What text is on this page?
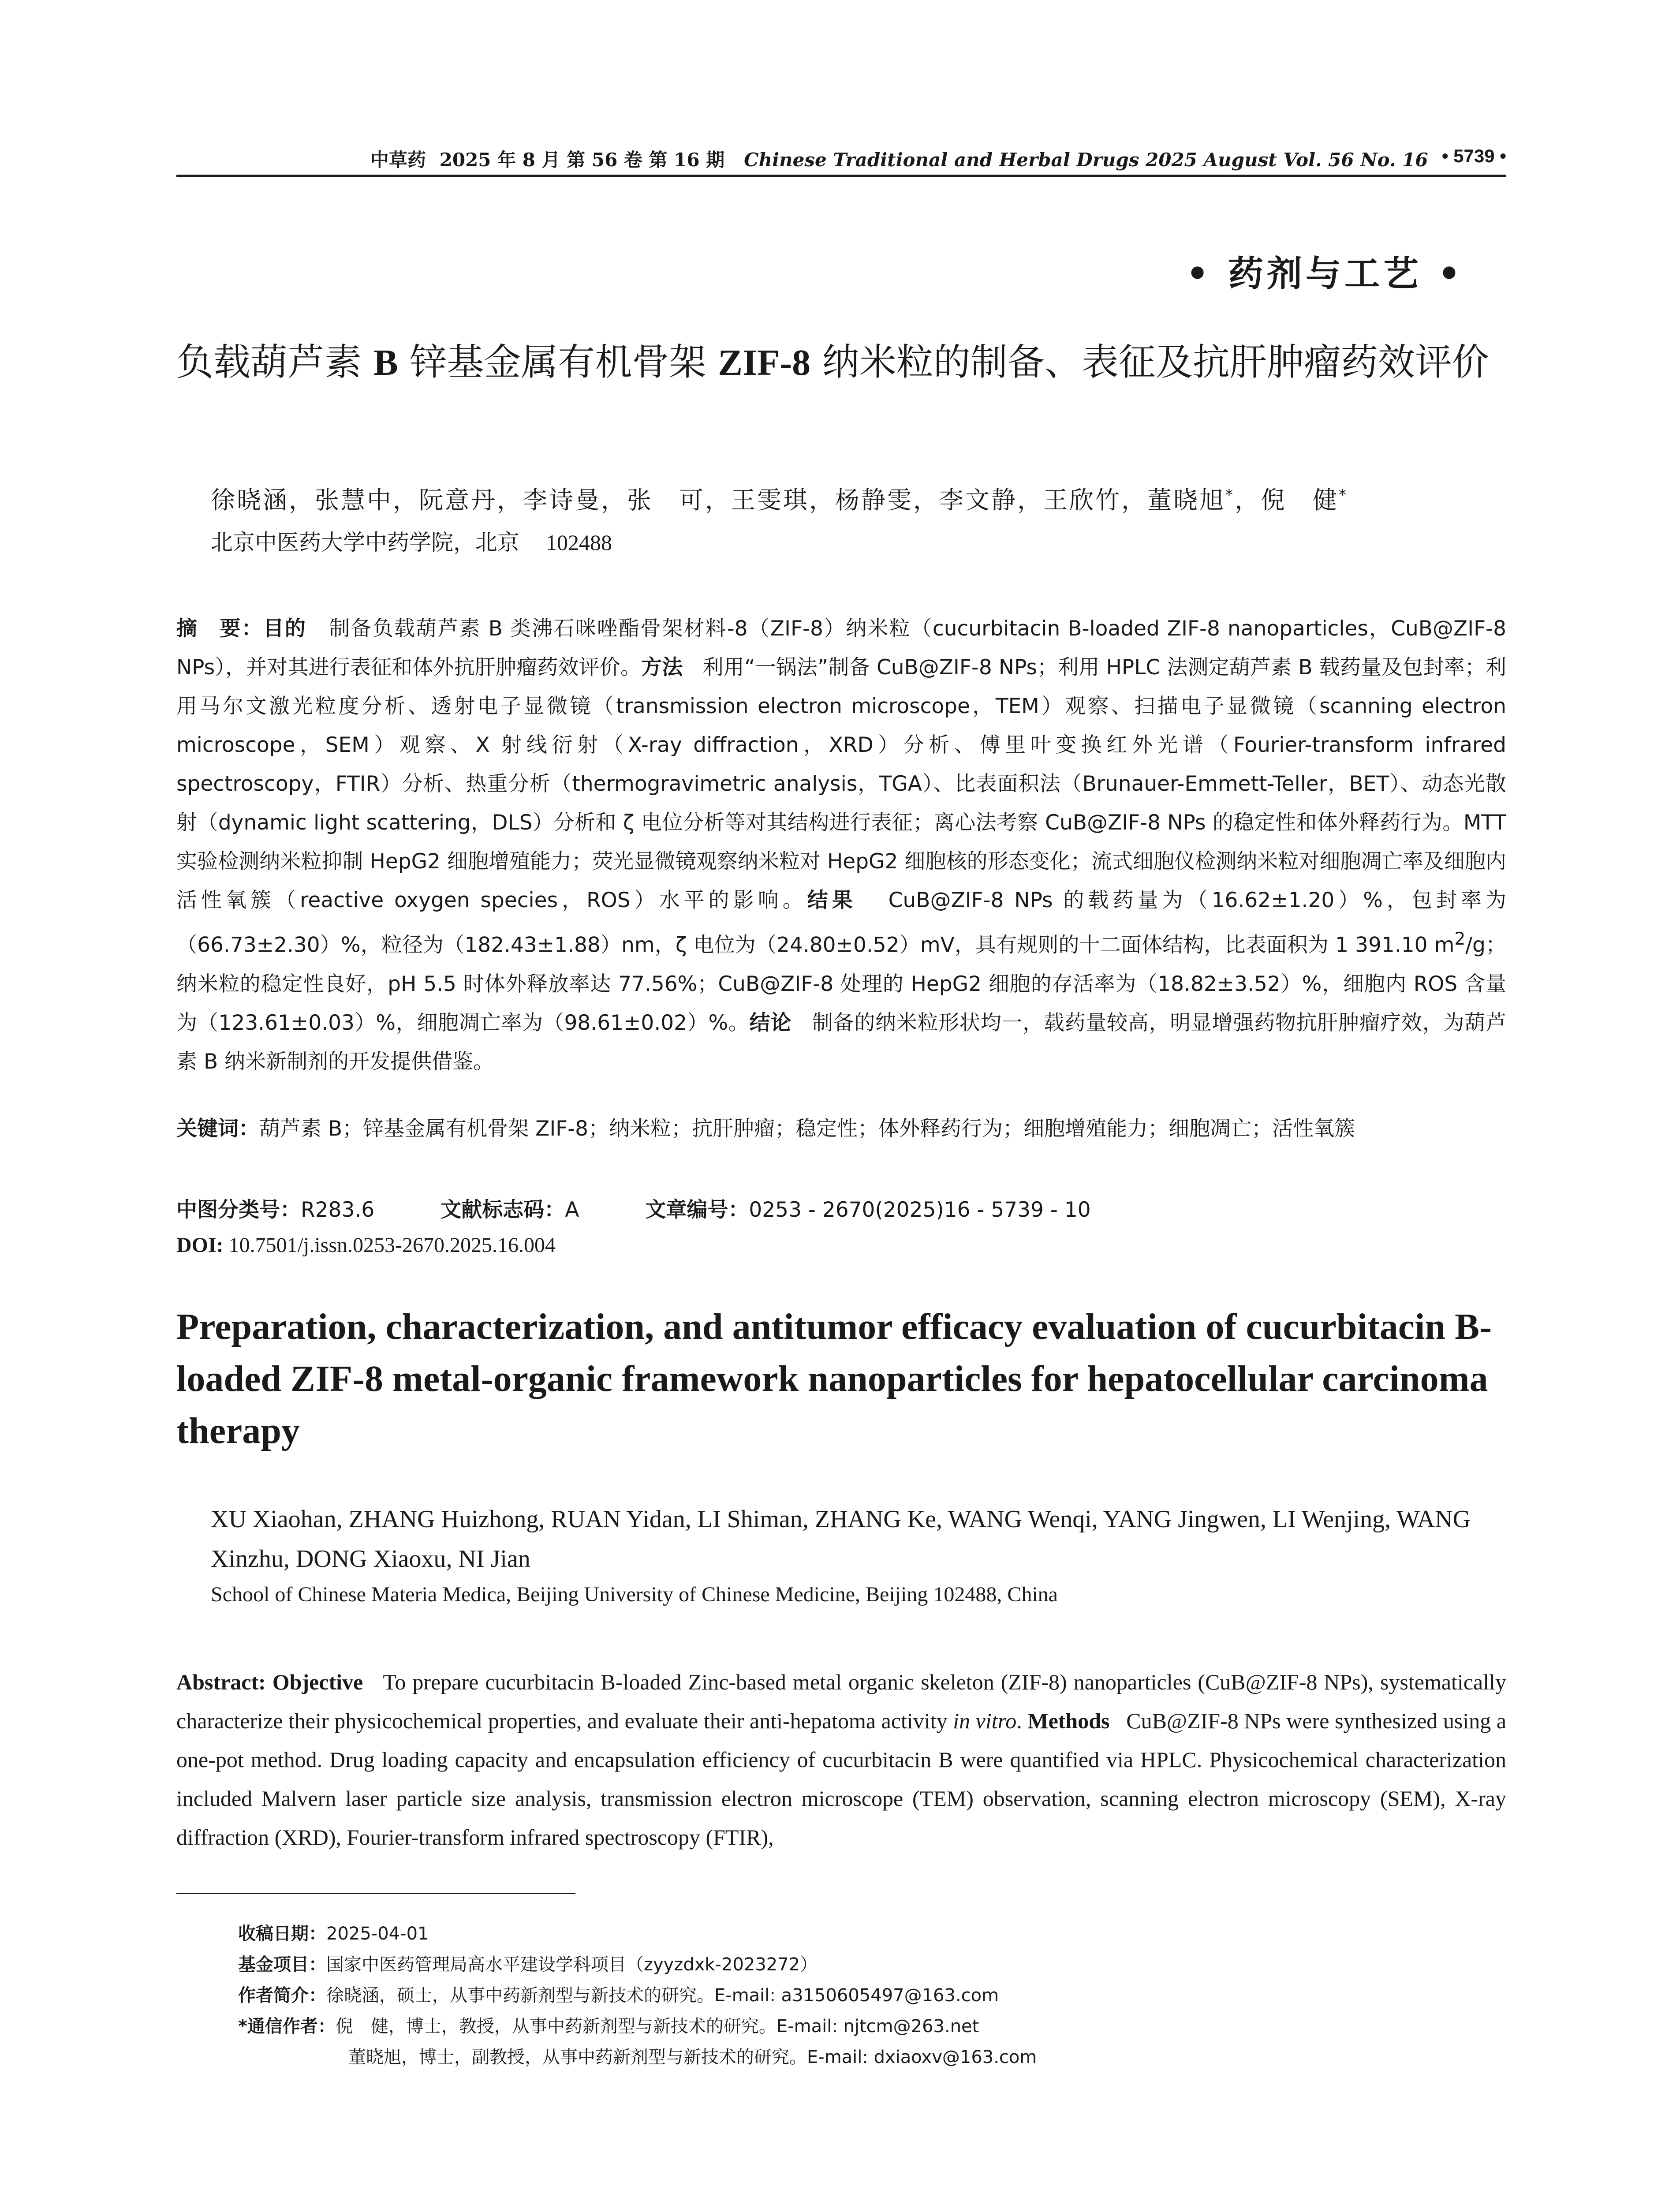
中草药 2025 年 8 月 第 56 卷 第 16 期 Chinese Traditional and Herbal Drugs 2025 August Vol. 56 No. 16 • 5739 •
• 药剂与工艺 •
负载葫芦素 B 锌基金属有机骨架 ZIF-8 纳米粒的制备、表征及抗肝肿瘤药效评价
徐晓涵，张慧中，阮意丹，李诗曼，张　可，王雯琪，杨静雯，李文静，王欣竹，董晓旭*，倪　健*
北京中医药大学中药学院，北京 102488
摘　要：目的 制备负载葫芦素 B 类沸石咪唑酯骨架材料-8（ZIF-8）纳米粒（cucurbitacin B-loaded ZIF-8 nanoparticles，CuB@ZIF-8 NPs），并对其进行表征和体外抗肝肿瘤药效评价。方法 利用“一锅法”制备 CuB@ZIF-8 NPs；利用 HPLC 法测定葫芦素 B 载药量及包封率；利用马尔文激光粒度分析、透射电子显微镜（transmission electron microscope，TEM）观察、扫描电子显微镜（scanning electron microscope，SEM）观察、X 射线衍射（X-ray diffraction，XRD）分析、傅里叶变换红外光谱（Fourier-transform infrared spectroscopy，FTIR）分析、热重分析（thermogravimetric analysis，TGA）、比表面积法（Brunauer-Emmett-Teller，BET）、动态光散射（dynamic light scattering，DLS）分析和 ζ 电位分析等对其结构进行表征；离心法考察 CuB@ZIF-8 NPs 的稳定性和体外释药行为。MTT 实验检测纳米粒抑制 HepG2 细胞增殖能力；荧光显微镜观察纳米粒对 HepG2 细胞核的形态变化；流式细胞仪检测纳米粒对细胞凋亡率及细胞内活性氧簇（reactive oxygen species，ROS）水平的影响。结果 CuB@ZIF-8 NPs 的载药量为（16.62±1.20）%，包封率为（66.73±2.30）%，粒径为（182.43±1.88）nm，ζ 电位为（24.80±0.52）mV，具有规则的十二面体结构，比表面积为 1 391.10 $m^2/g$；纳米粒的稳定性良好，pH 5.5 时体外释放率达 77.56%；CuB@ZIF-8 处理的 HepG2 细胞的存活率为（18.82±3.52）%，细胞内 ROS 含量为（123.61±0.03）%，细胞凋亡率为（98.61±0.02）%。结论 制备的纳米粒形状均一，载药量较高，明显增强药物抗肝肿瘤疗效，为葫芦素 B 纳米新制剂的开发提供借鉴。
关键词：葫芦素 B；锌基金属有机骨架 ZIF-8；纳米粒；抗肝肿瘤；稳定性；体外释药行为；细胞增殖能力；细胞凋亡；活性氧簇
中图分类号：R283.6	文献标志码：A	文章编号：0253 - 2670(2025)16 - 5739 - 10
DOI: 10.7501/j.issn.0253-2670.2025.16.004
Preparation, characterization, and antitumor efficacy evaluation of cucurbitacin B-loaded ZIF-8 metal-organic framework nanoparticles for hepatocellular carcinoma therapy
XU Xiaohan, ZHANG Huizhong, RUAN Yidan, LI Shiman, ZHANG Ke, WANG Wenqi, YANG Jingwen, LI Wenjing, WANG Xinzhu, DONG Xiaoxu, NI Jian
School of Chinese Materia Medica, Beijing University of Chinese Medicine, Beijing 102488, China
Abstract: Objective To prepare cucurbitacin B-loaded Zinc-based metal organic skeleton (ZIF-8) nanoparticles (CuB@ZIF-8 NPs), systematically characterize their physicochemical properties, and evaluate their anti-hepatoma activity in vitro. Methods CuB@ZIF-8 NPs were synthesized using a one-pot method. Drug loading capacity and encapsulation efficiency of cucurbitacin B were quantified via HPLC. Physicochemical characterization included Malvern laser particle size analysis, transmission electron microscope (TEM) observation, scanning electron microscopy (SEM), X-ray diffraction (XRD), Fourier-transform infrared spectroscopy (FTIR),
收稿日期：2025-04-01
基金项目：国家中医药管理局高水平建设学科项目（zyyzdxk-2023272）
作者简介：徐晓涵，硕士，从事中药新剂型与新技术的研究。E-mail: a3150605497@163.com
*通信作者：倪　健，博士，教授，从事中药新剂型与新技术的研究。E-mail: njtcm@263.net
董晓旭，博士，副教授，从事中药新剂型与新技术的研究。E-mail: dxiaoxv@163.com
